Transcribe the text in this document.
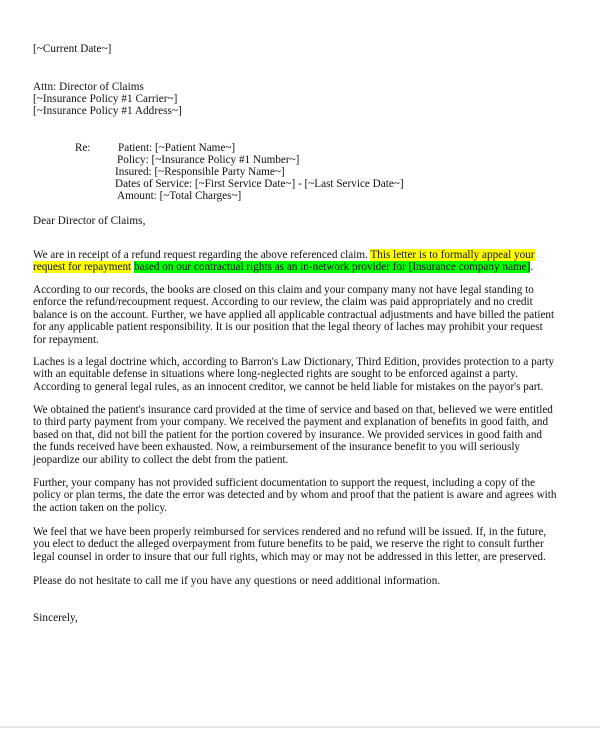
[~Current Date~]
Attn: Director of Claims
[~Insurance Policy #1 Carrier~]
[~Insurance Policy #1 Address~]
Re: Patient: [~Patient Name~]
Policy: [~Insurance Policy #1 Number~]
Insured: [~Responsible Party Name~]
Dates of Service: [~First Service Date~] - [~Last Service Date~]
Amount: [~Total Charges~]
Dear Director of Claims,
We are in receipt of a refund request regarding the above referenced claim. This letter is to formally appeal your
request for repayment based on our contractual rights as an in-network provider for [Insurance company name].
According to our records, the books are closed on this claim and your company many not have legal standing to
enforce the refund/recoupment request. According to our review, the claim was paid appropriately and no credit
balance is on the account. Further, we have applied all applicable contractual adjustments and have billed the patient
for any applicable patient responsibility. It is our position that the legal theory of laches may prohibit your request
for repayment.
Laches is a legal doctrine which, according to Barron's Law Dictionary, Third Edition, provides protection to a party
with an equitable defense in situations where long-neglected rights are sought to be enforced against a party.
According to general legal rules, as an innocent creditor, we cannot be held liable for mistakes on the payor's part.
We obtained the patient's insurance card provided at the time of service and based on that, believed we were entitled
to third party payment from your company. We received the payment and explanation of benefits in good faith, and
based on that, did not bill the patient for the portion covered by insurance. We provided services in good faith and
the funds received have been exhausted. Now, a reimbursement of the insurance benefit to you will seriously
jeopardize our ability to collect the debt from the patient.
Further, your company has not provided sufficient documentation to support the request, including a copy of the
policy or plan terms, the date the error was detected and by whom and proof that the patient is aware and agrees with
the action taken on the policy.
We feel that we have been properly reimbursed for services rendered and no refund will be issued. If, in the future,
you elect to deduct the alleged overpayment from future benefits to be paid, we reserve the right to consult further
legal counsel in order to insure that our full rights, which may or may not be addressed in this letter, are preserved.
Please do not hesitate to call me if you have any questions or need additional information.
Sincerely,
